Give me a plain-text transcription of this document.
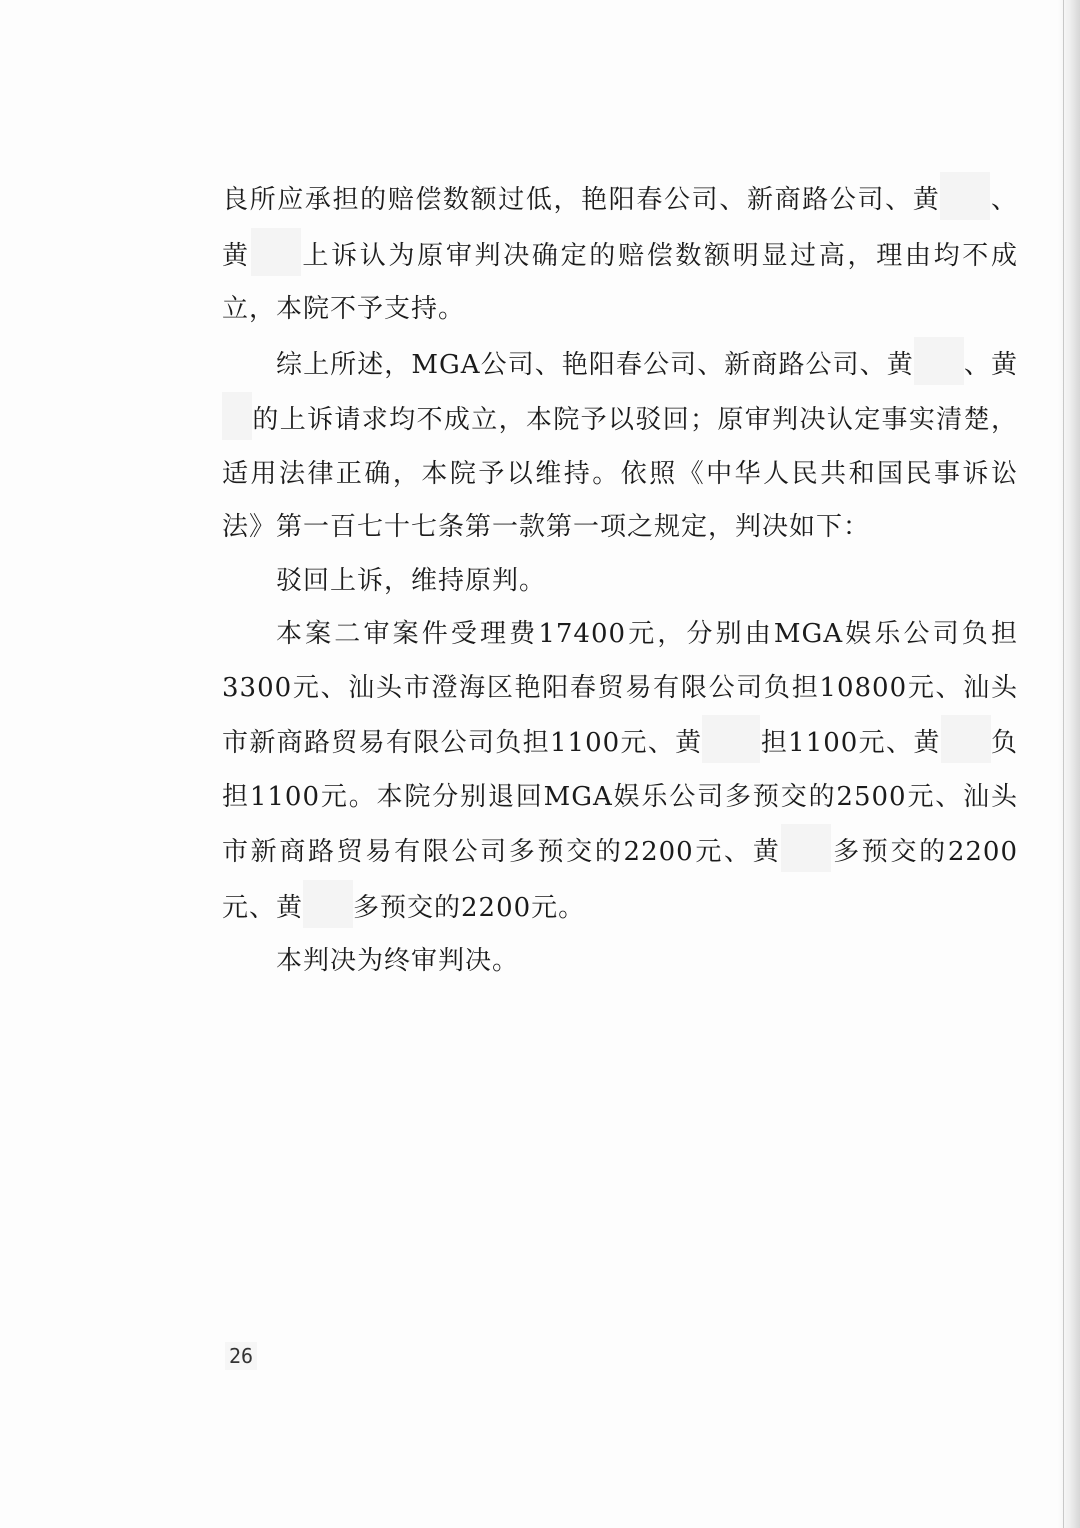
良所应承担的赔偿数额过低，艳阳春公司、新商路公司、黄 、黄 上诉认为原审判决确定的赔偿数额明显过高，理由均不成立，本院不予支持。

综上所述，MGA公司、艳阳春公司、新商路公司、黄 、黄的上诉请求均不成立，本院予以驳回；原审判决认定事实清楚，适用法律正确，本院予以维持。依照《中华人民共和国民事诉讼法》第一百七十七条第一款第一项之规定，判决如下：

驳回上诉，维持原判。

本案二审案件受理费17400元，分别由MGA娱乐公司负担3300元、汕头市澄海区艳阳春贸易有限公司负担10800元、汕头市新商路贸易有限公司负担1100元、黄 担1100元、黄 负担1100元。本院分别退回MGA娱乐公司多预交的2500元、汕头市新商路贸易有限公司多预交的2200元、黄 多预交的2200元、黄 多预交的2200元。

本判决为终审判决。

26
